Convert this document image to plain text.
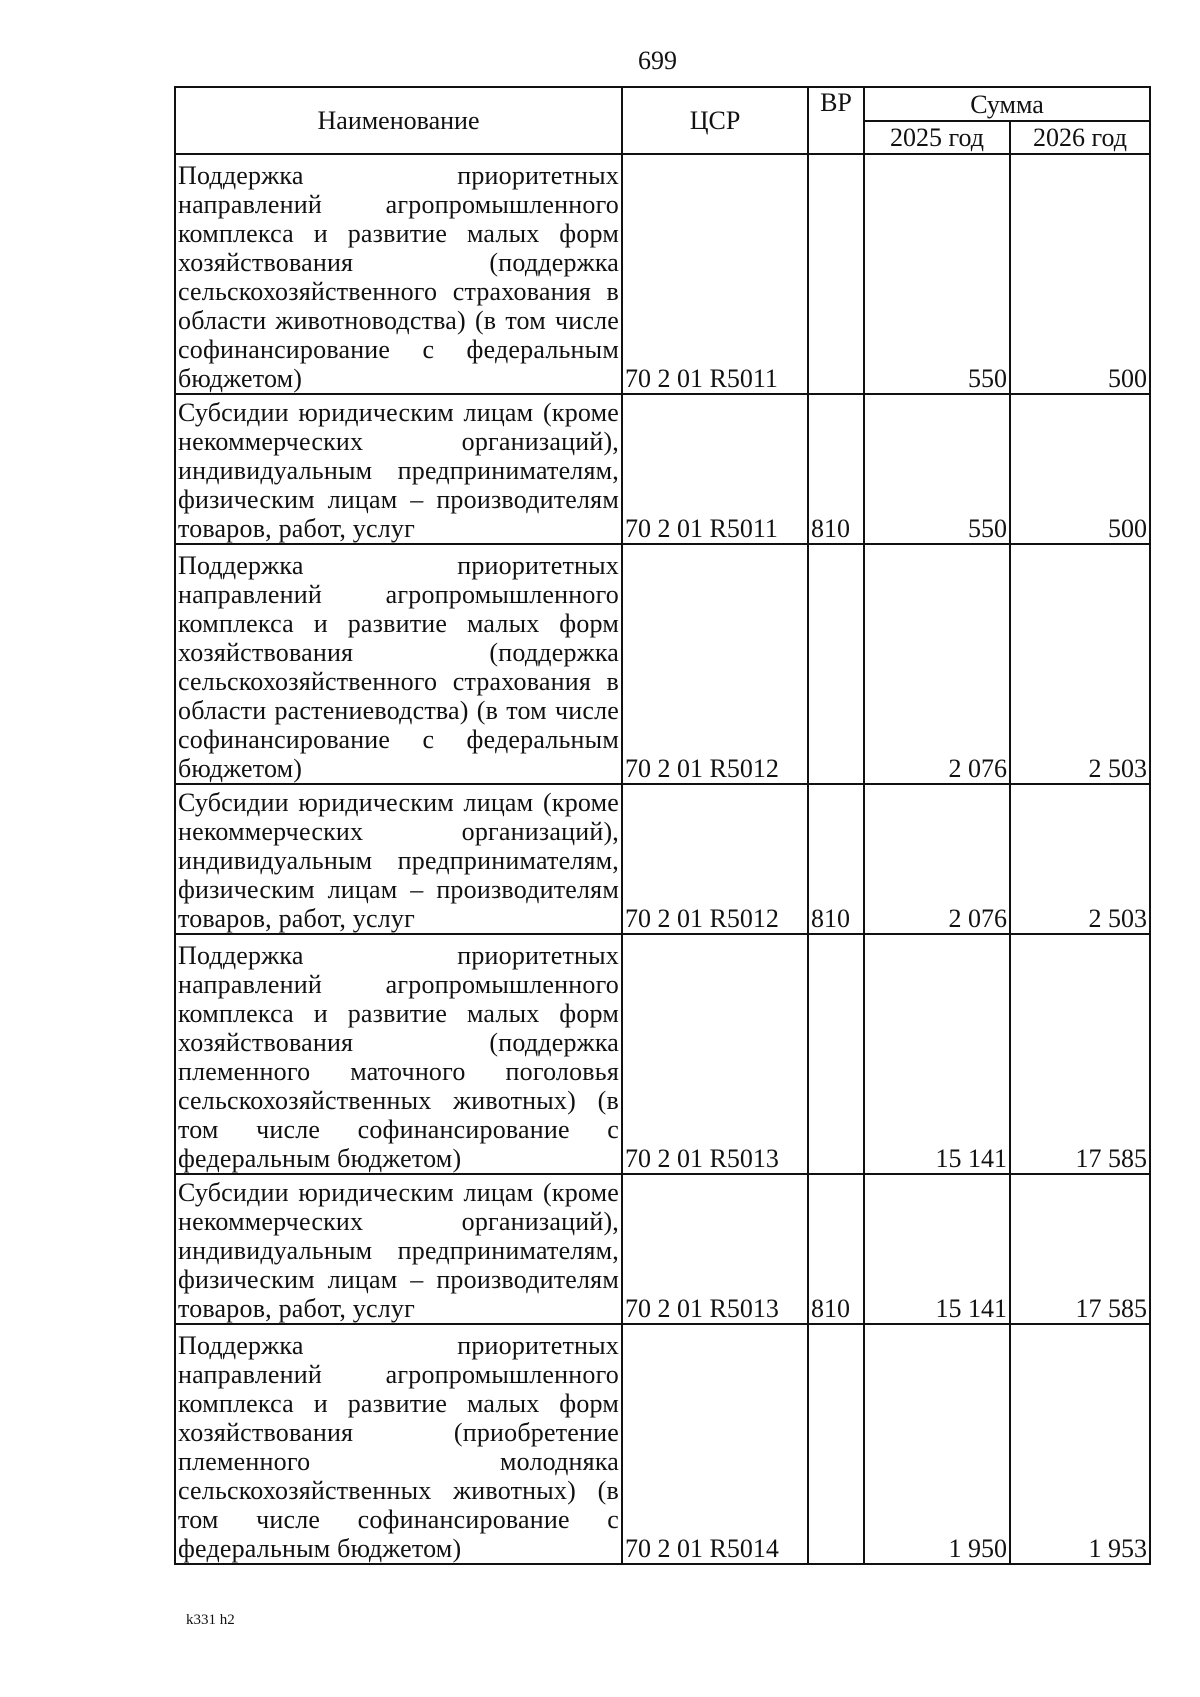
699
Наименование	ЦСР	ВР	Сумма	
			2025 год	2026 год
Поддержка приоритетных направлений агропромышленного комплекса и развитие малых форм хозяйствования (поддержка сельскохозяйственного страхования в области животноводства) (в том числе софинансирование с федеральным бюджетом)	70 2 01 R5011		550	500
Субсидии юридическим лицам (кроме некоммерческих организаций), индивидуальным предпринимателям, физическим лицам – производителям товаров, работ, услуг	70 2 01 R5011	810	550	500
Поддержка приоритетных направлений агропромышленного комплекса и развитие малых форм хозяйствования (поддержка сельскохозяйственного страхования в области растениеводства) (в том числе софинансирование с федеральным бюджетом)	70 2 01 R5012		2 076	2 503
Субсидии юридическим лицам (кроме некоммерческих организаций), индивидуальным предпринимателям, физическим лицам – производителям товаров, работ, услуг	70 2 01 R5012	810	2 076	2 503
Поддержка приоритетных направлений агропромышленного комплекса и развитие малых форм хозяйствования (поддержка племенного маточного поголовья сельскохозяйственных животных) (в том числе софинансирование с федеральным бюджетом)	70 2 01 R5013		15 141	17 585
Субсидии юридическим лицам (кроме некоммерческих организаций), индивидуальным предпринимателям, физическим лицам – производителям товаров, работ, услуг	70 2 01 R5013	810	15 141	17 585
Поддержка приоритетных направлений агропромышленного комплекса и развитие малых форм хозяйствования (приобретение племенного молодняка сельскохозяйственных животных) (в том числе софинансирование с федеральным бюджетом)	70 2 01 R5014		1 950	1 953
k331 h2
